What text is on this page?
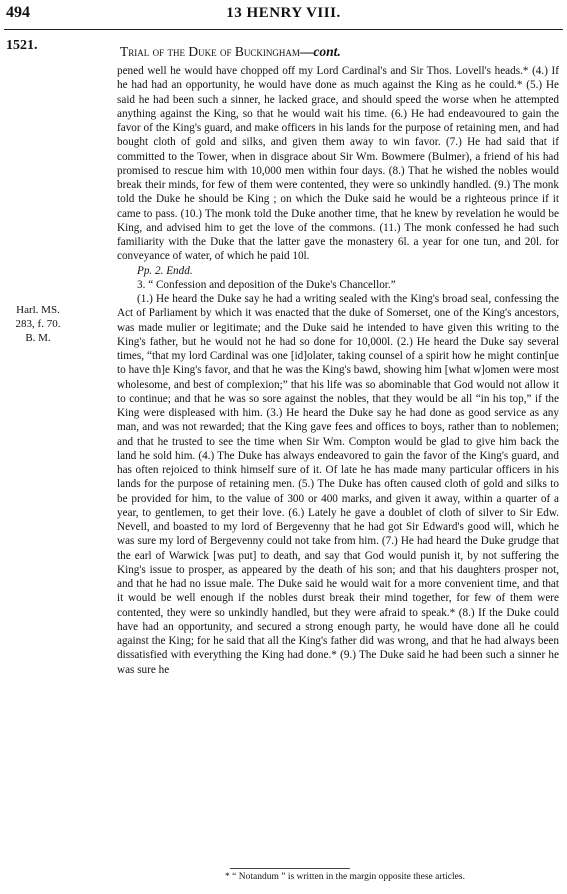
494	13 HENRY VIII.
1521.	Trial of the Duke of Buckingham—cont.

pened well he would have chopped off my Lord Cardinal's and Sir Thos. Lovell's heads.* (4.) If he had had an opportunity, he would have done as much against the King as he could.* (5.) He said he had been such a sinner, he lacked grace, and should speed the worse when he attempted anything against the King, so that he would wait his time. (6.) He had endeavoured to gain the favor of the King's guard, and make officers in his lands for the purpose of retaining men, and had bought cloth of gold and silks, and given them away to win favor. (7.) He had said that if committed to the Tower, when in disgrace about Sir Wm. Bowmere (Bulmer), a friend of his had promised to rescue him with 10,000 men within four days. (8.) That he wished the nobles would break their minds, for few of them were contented, they were so unkindly handled. (9.) The monk told the Duke he should be King ; on which the Duke said he would be a righteous prince if it came to pass. (10.) The monk told the Duke another time, that he knew by revelation he would be King, and advised him to get the love of the commons. (11.) The monk confessed he had such familiarity with the Duke that the latter gave the monastery 6l. a year for one tun, and 20l. for conveyance of water, of which he paid 10l.

Pp. 2. Endd.

3. “ Confession and deposition of the Duke's Chancellor.”

(1.) He heard the Duke say he had a writing sealed with the King's broad seal, confessing the Act of Parliament by which it was enacted that the duke of Somerset, one of the King's ancestors, was made mulier or legitimate; and the Duke said he intended to have given this writing to the King's father, but he would not he had so done for 10,000l. (2.) He heard the Duke say several times, “that my lord Cardinal was one [id]olater, taking counsel of a spirit how he might contin[ue to have th]e King's favor, and that he was the King's bawd, showing him [what w]omen were most wholesome, and best of complexion;” that his life was so abominable that God would not allow it to continue; and that he was so sore against the nobles, that they would be all “in his top,” if the King were displeased with him. (3.) He heard the Duke say he had done as good service as any man, and was not rewarded; that the King gave fees and offices to boys, rather than to noblemen; and that he trusted to see the time when Sir Wm. Compton would be glad to give him back the land he sold him. (4.) The Duke has always endeavored to gain the favor of the King's guard, and has often rejoiced to think himself sure of it. Of late he has made many particular officers in his lands for the purpose of retaining men. (5.) The Duke has often caused cloth of gold and silks to be provided for him, to the value of 300 or 400 marks, and given it away, within a quarter of a year, to gentlemen, to get their love. (6.) Lately he gave a doublet of cloth of silver to Sir Edw. Nevell, and boasted to my lord of Bergevenny that he had got Sir Edward's good will, which he was sure my lord of Bergevenny could not take from him. (7.) He had heard the Duke grudge that the earl of Warwick [was put] to death, and say that God would punish it, by not suffering the King's issue to prosper, as appeared by the death of his son; and that his daughters prosper not, and that he had no issue male. The Duke said he would wait for a more convenient time, and that it would be well enough if the nobles durst break their mind together, for few of them were contented, they were so unkindly handled, but they were afraid to speak.* (8.) If the Duke could have had an opportunity, and secured a strong enough party, he would have done all he could against the King; for he said that all the King's father did was wrong, and that he had always been dissatisfied with everything the King had done.* (9.) The Duke said he had been such a sinner he was sure he

Harl. MS.
283, f. 70.
B. M.
* “ Notandum ” is written in the margin opposite these articles.
